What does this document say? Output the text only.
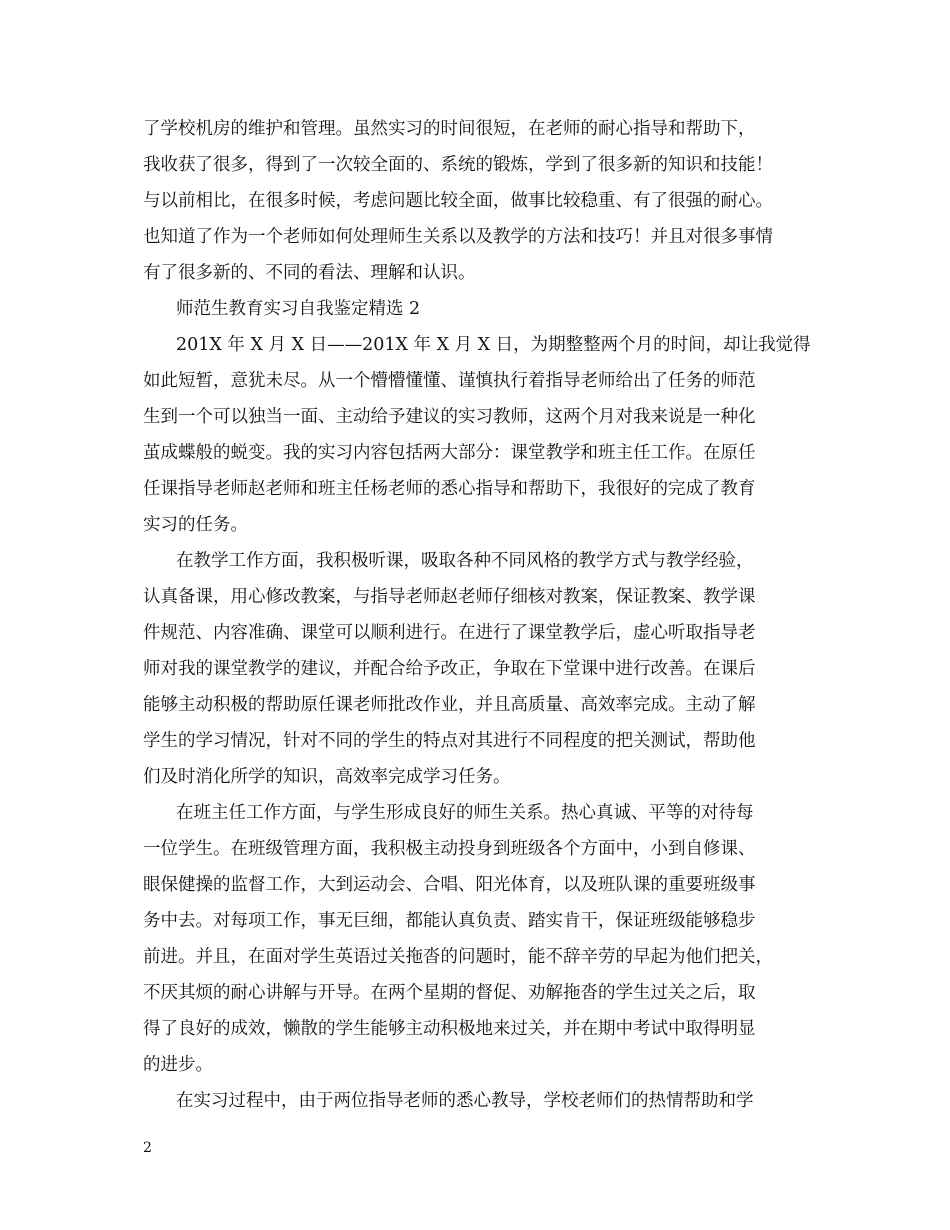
了学校机房的维护和管理。虽然实习的时间很短，在老师的耐心指导和帮助下，
我收获了很多，得到了一次较全面的、系统的锻炼，学到了很多新的知识和技能！
与以前相比，在很多时候，考虑问题比较全面，做事比较稳重、有了很强的耐心。
也知道了作为一个老师如何处理师生关系以及教学的方法和技巧！并且对很多事情
有了很多新的、不同的看法、理解和认识。
师范生教育实习自我鉴定精选 2
201X 年 X 月 X 日——201X 年 X 月 X 日，为期整整两个月的时间，却让我觉得
如此短暂，意犹未尽。从一个懵懵懂懂、谨慎执行着指导老师给出了任务的师范
生到一个可以独当一面、主动给予建议的实习教师，这两个月对我来说是一种化
茧成蝶般的蜕变。我的实习内容包括两大部分：课堂教学和班主任工作。在原任
任课指导老师赵老师和班主任杨老师的悉心指导和帮助下，我很好的完成了教育
实习的任务。
在教学工作方面，我积极听课，吸取各种不同风格的教学方式与教学经验，
认真备课，用心修改教案，与指导老师赵老师仔细核对教案，保证教案、教学课
件规范、内容准确、课堂可以顺利进行。在进行了课堂教学后，虚心听取指导老
师对我的课堂教学的建议，并配合给予改正，争取在下堂课中进行改善。在课后
能够主动积极的帮助原任课老师批改作业，并且高质量、高效率完成。主动了解
学生的学习情况，针对不同的学生的特点对其进行不同程度的把关测试，帮助他
们及时消化所学的知识，高效率完成学习任务。
在班主任工作方面，与学生形成良好的师生关系。热心真诚、平等的对待每
一位学生。在班级管理方面，我积极主动投身到班级各个方面中，小到自修课、
眼保健操的监督工作，大到运动会、合唱、阳光体育，以及班队课的重要班级事
务中去。对每项工作，事无巨细，都能认真负责、踏实肯干，保证班级能够稳步
前进。并且，在面对学生英语过关拖沓的问题时，能不辞辛劳的早起为他们把关，
不厌其烦的耐心讲解与开导。在两个星期的督促、劝解拖沓的学生过关之后，取
得了良好的成效，懒散的学生能够主动积极地来过关，并在期中考试中取得明显
的进步。
在实习过程中，由于两位指导老师的悉心教导，学校老师们的热情帮助和学
2
